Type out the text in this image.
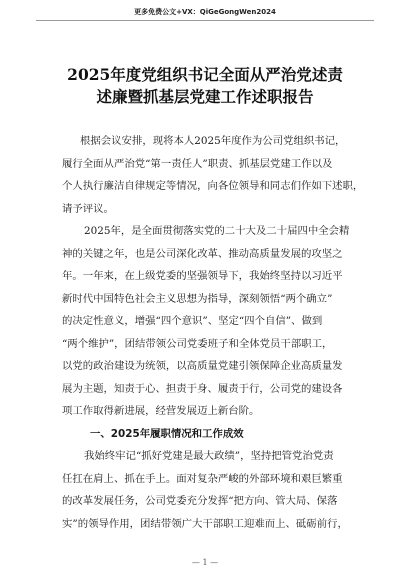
更多免费公文+VX：QiGeGongWen2024
2025年度党组织书记全面从严治党述责
述廉暨抓基层党建工作述职报告

根据会议安排，现将本人2025年度作为公司党组织书记，
履行全面从严治党“第一责任人”职责、抓基层党建工作以及
个人执行廉洁自律规定等情况，向各位领导和同志们作如下述职，
请予评议。

2025年，是全面贯彻落实党的二十大及二十届四中全会精
神的关键之年，也是公司深化改革、推动高质量发展的攻坚之
年。一年来，在上级党委的坚强领导下，我始终坚持以习近平
新时代中国特色社会主义思想为指导，深刻领悟“两个确立”
的决定性意义，增强“四个意识”、坚定“四个自信”、做到
“两个维护”，团结带领公司党委班子和全体党员干部职工，
以党的政治建设为统领，以高质量党建引领保障企业高质量发
展为主题，知责于心、担责于身、履责于行，公司党的建设各
项工作取得新进展，经营发展迈上新台阶。

一、2025年履职情况和工作成效

我始终牢记“抓好党建是最大政绩”，坚持把管党治党责
任扛在肩上、抓在手上。面对复杂严峻的外部环境和艰巨繁重
的改革发展任务，公司党委充分发挥“把方向、管大局、保落
实”的领导作用，团结带领广大干部职工迎难而上、砥砺前行，

— 1 —
